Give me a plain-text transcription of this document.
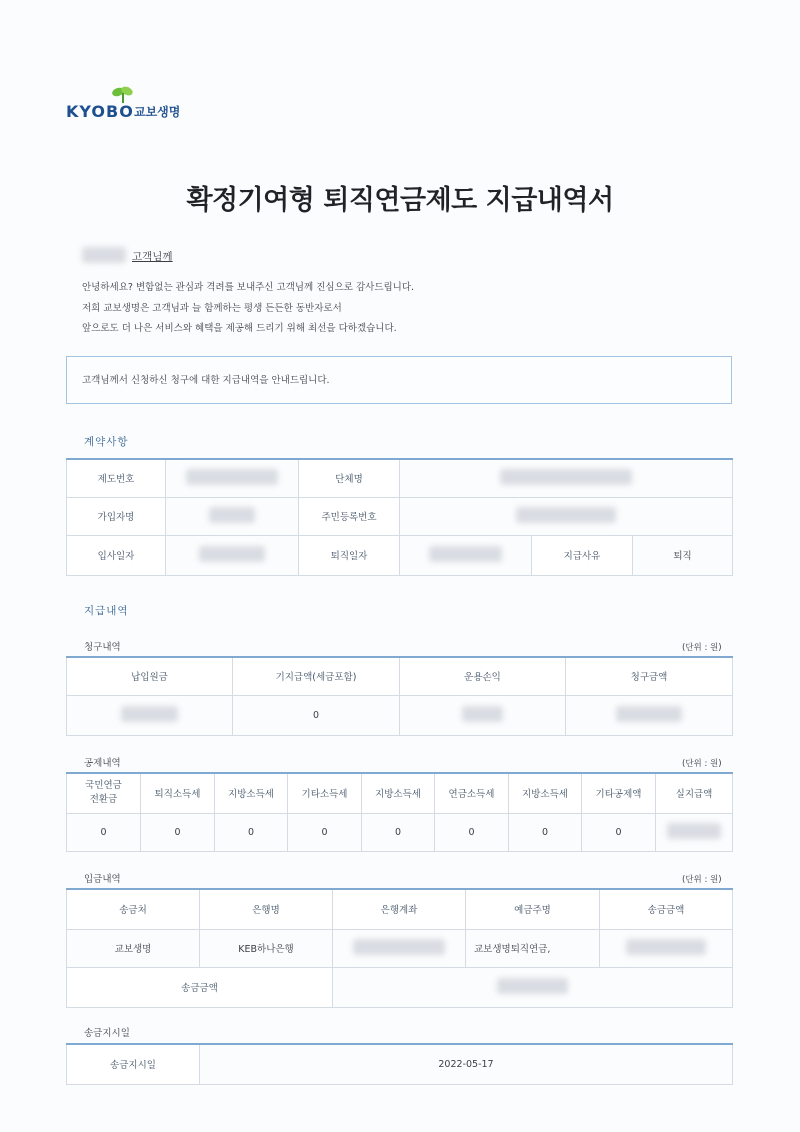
KYOBO 교보생명
확정기여형 퇴직연금제도 지급내역서
고객님께
안녕하세요? 변함없는 관심과 격려를 보내주신 고객님께 진심으로 감사드립니다.
저희 교보생명은 고객님과 늘 함께하는 평생 든든한 동반자로서
앞으로도 더 나은 서비스와 혜택을 제공해 드리기 위해 최선을 다하겠습니다.
고객님께서 신청하신 청구에 대한 지급내역을 안내드립니다.
계약사항
제도번호		단체명			
가입자명		주민등록번호			
입사일자		퇴직일자		지급사유	퇴직
지급내역
청구내역	(단위 : 원)
납입원금	기지급액(세금포함)	운용손익	청구금액
	0		
공제내역	(단위 : 원)
국민연금
전환금	퇴직소득세	지방소득세	기타소득세	지방소득세	연금소득세	지방소득세	기타공제액	실지급액
0	0	0	0	0	0	0	0	
입금내역	(단위 : 원)
송금처	은행명	은행계좌	예금주명	송금금액
교보생명	KEB하나은행		교보생명퇴직연금,	
송금금액				
송금지시일
송금지시일	2022-05-17
